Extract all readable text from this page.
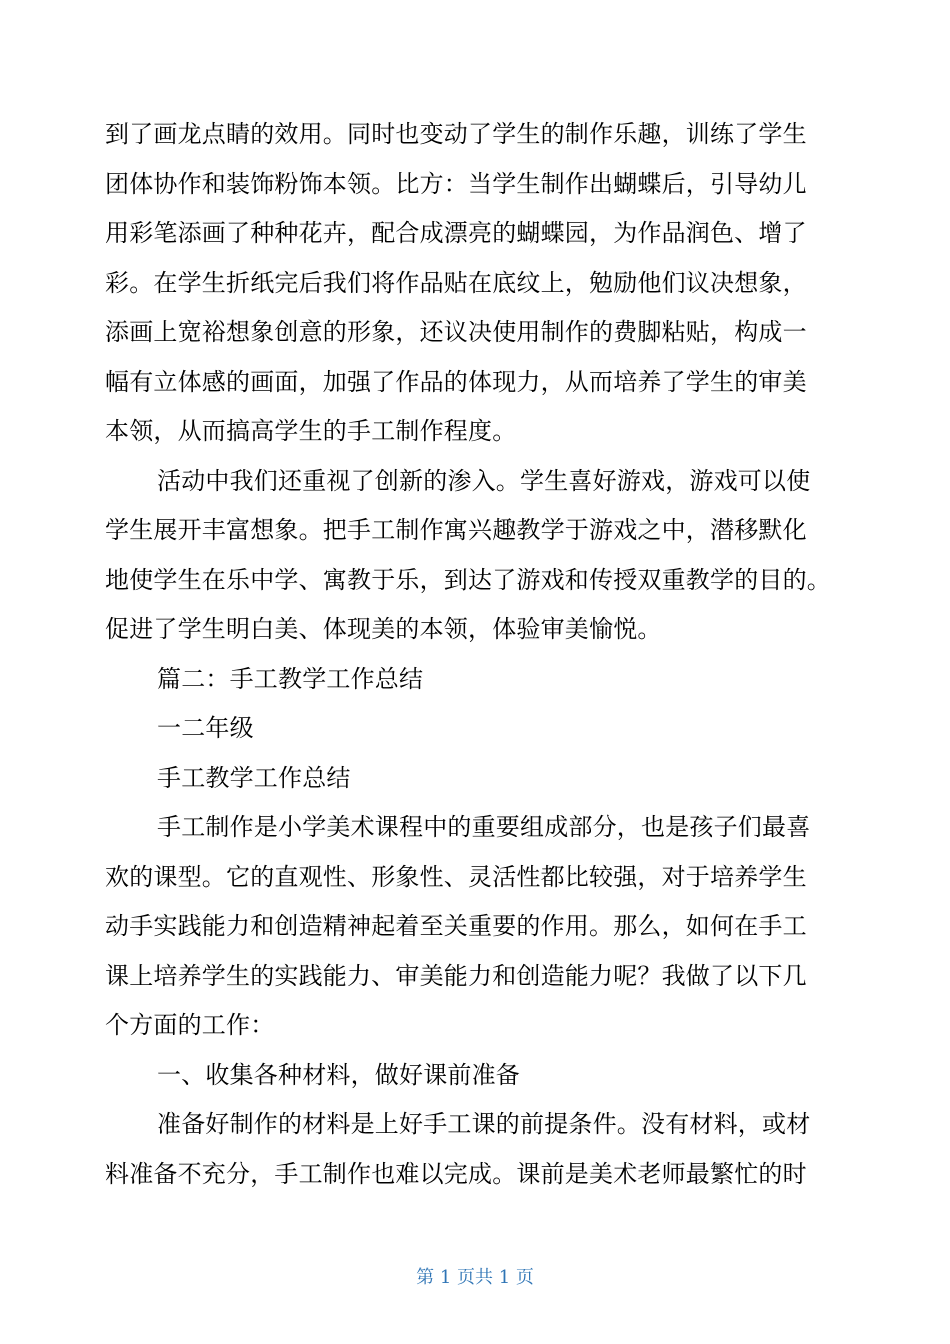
到了画龙点睛的效用。同时也变动了学生的制作乐趣，训练了学生
团体协作和装饰粉饰本领。比方：当学生制作出蝴蝶后，引导幼儿
用彩笔添画了种种花卉，配合成漂亮的蝴蝶园，为作品润色、增了
彩。在学生折纸完后我们将作品贴在底纹上，勉励他们议决想象，
添画上宽裕想象创意的形象，还议决使用制作的费脚粘贴，构成一
幅有立体感的画面，加强了作品的体现力，从而培养了学生的审美
本领，从而搞高学生的手工制作程度。
活动中我们还重视了创新的渗入。学生喜好游戏，游戏可以使
学生展开丰富想象。把手工制作寓兴趣教学于游戏之中，潜移默化
地使学生在乐中学、寓教于乐，到达了游戏和传授双重教学的目的。
促进了学生明白美、体现美的本领，体验审美愉悦。
篇二：手工教学工作总结
一二年级
手工教学工作总结
手工制作是小学美术课程中的重要组成部分，也是孩子们最喜
欢的课型。它的直观性、形象性、灵活性都比较强，对于培养学生
动手实践能力和创造精神起着至关重要的作用。那么，如何在手工
课上培养学生的实践能力、审美能力和创造能力呢？我做了以下几
个方面的工作：
一、收集各种材料，做好课前准备
准备好制作的材料是上好手工课的前提条件。没有材料，或材
料准备不充分，手工制作也难以完成。课前是美术老师最繁忙的时
第 1 页共 1 页
